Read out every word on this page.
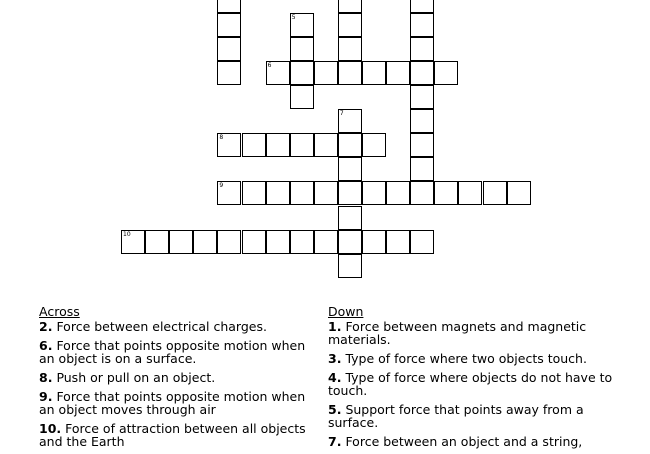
5
6
7
8
9
10
Across
2. Force between electrical charges.
6. Force that points opposite motion when an object is on a surface.
8. Push or pull on an object.
9. Force that points opposite motion when an object moves through air
10. Force of attraction between all objects and the Earth
Down
1. Force between magnets and magnetic materials.
3. Type of force where two objects touch.
4. Type of force where objects do not have to touch.
5. Support force that points away from a surface.
7. Force between an object and a string,
